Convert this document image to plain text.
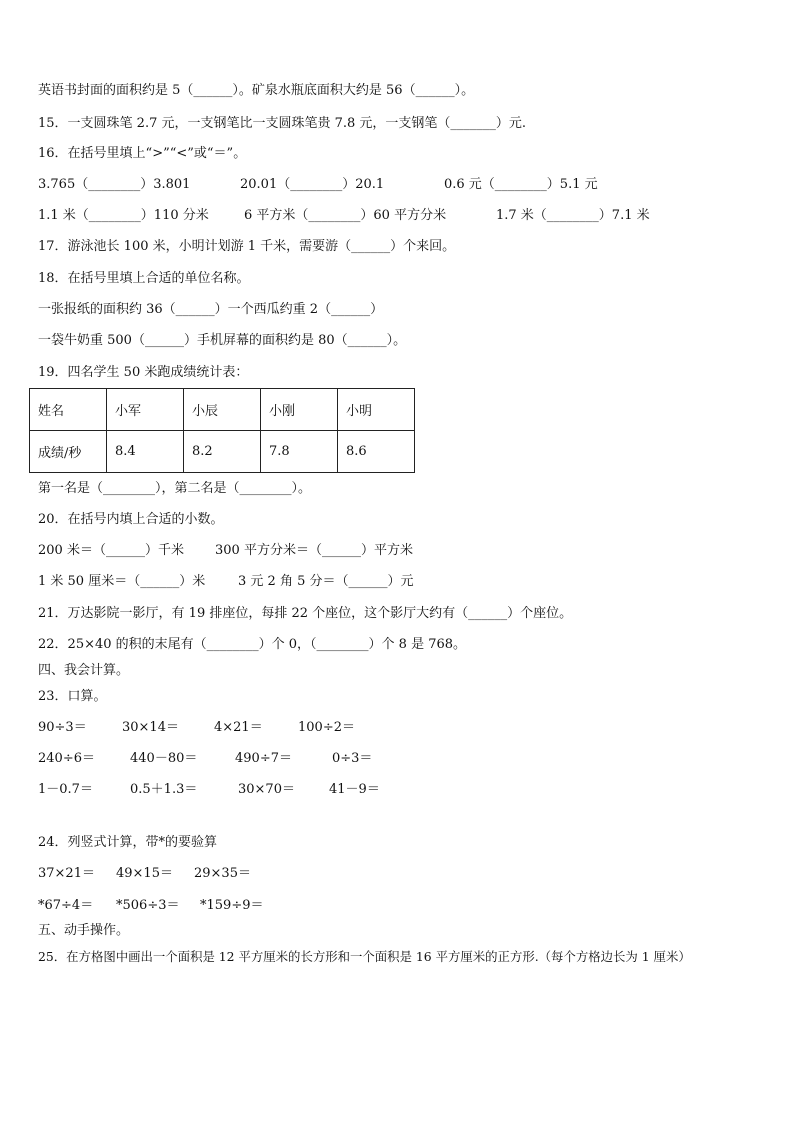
英语书封面的面积约是 5（______）。矿泉水瓶底面积大约是 56（______）。
15．一支圆珠笔 2.7 元，一支钢笔比一支圆珠笔贵 7.8 元，一支钢笔（_______）元.
16．在括号里填上“>”“<”或“＝”。
3.765（________）3.801	20.01（________）20.1	0.6 元（________）5.1 元
1.1 米（________）110 分米	6 平方米（________）60 平方分米	1.7 米（________）7.1 米
17．游泳池长 100 米，小明计划游 1 千米，需要游（______）个来回。
18．在括号里填上合适的单位名称。
一张报纸的面积约 36（______）一个西瓜约重 2（______）
一袋牛奶重 500（______）手机屏幕的面积约是 80（______）。
19．四名学生 50 米跑成绩统计表：
姓名	小军	小辰	小刚	小明
成绩/秒	8.4	8.2	7.8	8.6
第一名是（________），第二名是（________）。
20．在括号内填上合适的小数。
200 米＝（______）千米 300 平方分米＝（______）平方米
1 米 50 厘米＝（______）米	3 元 2 角 5 分＝（______）元
21．万达影院一影厅，有 19 排座位，每排 22 个座位，这个影厅大约有（______）个座位。
22．25×40 的积的末尾有（________）个 0，（________）个 8 是 768。
四、我会计算。
23．口算。
90÷3＝	30×14＝	4×21＝	100÷2＝
240÷6＝	440－80＝	490÷7＝	0÷3＝
1－0.7＝	0.5＋1.3＝	30×70＝	41－9＝
24．列竖式计算，带*的要验算
37×21＝ 49×15＝ 29×35＝
*67÷4＝ *506÷3＝ *159÷9＝
五、动手操作。
25．在方格图中画出一个面积是 12 平方厘米的长方形和一个面积是 16 平方厘米的正方形.（每个方格边长为 1 厘米）
